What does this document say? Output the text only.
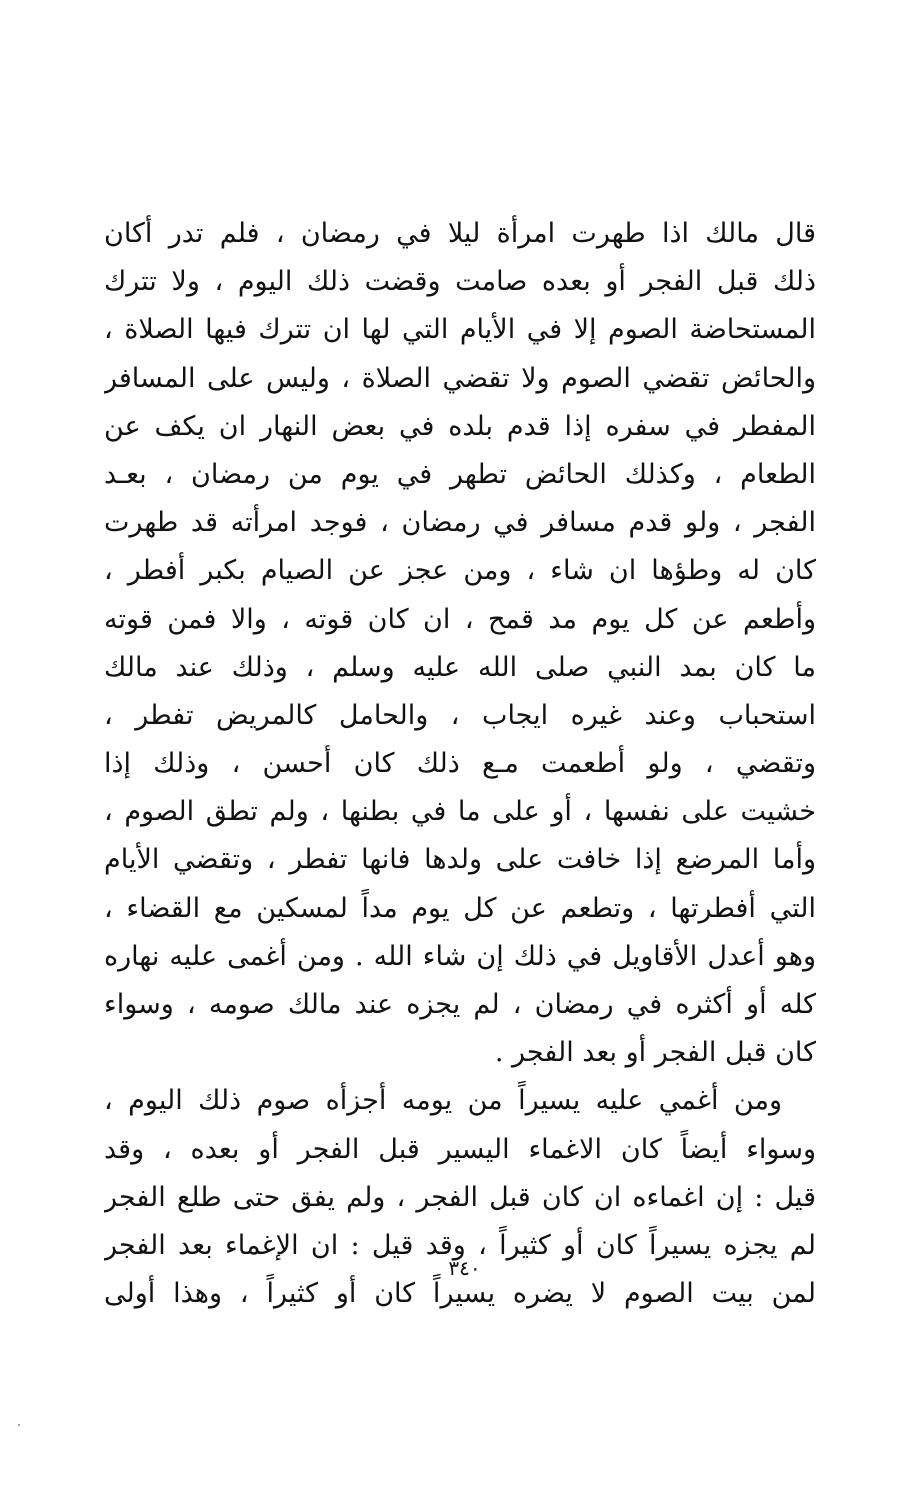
قال مالك اذا طهرت امرأة ليلا في رمضان ، فلم تدر أكان
ذلك قبل الفجر أو بعده صامت وقضت ذلك اليوم ، ولا تترك
المستحاضة الصوم إلا في الأيام التي لها ان تترك فيها الصلاة ،
والحائض تقضي الصوم ولا تقضي الصلاة ، وليس على المسافر
المفطر في سفره إذا قدم بلده في بعض النهار ان يكف عن
الطعام ، وكذلك الحائض تطهر في يوم من رمضان ، بعـد
الفجر ، ولو قدم مسافر في رمضان ، فوجد امرأته قد طهرت
كان له وطؤها ان شاء ، ومن عجز عن الصيام بكبر أفطر ،
وأطعم عن كل يوم مد قمح ، ان كان قوته ، والا فمن قوته
ما كان بمد النبي صلى الله عليه وسلم ، وذلك عند مالك
استحباب وعند غيره ايجاب ، والحامل كالمريض تفطر ،
وتقضي ، ولو أطعمت مـع ذلك كان أحسن ، وذلك إذا
خشيت على نفسها ، أو على ما في بطنها ، ولم تطق الصوم ،
وأما المرضع إذا خافت على ولدها فانها تفطر ، وتقضي الأيام
التي أفطرتها ، وتطعم عن كل يوم مداً لمسكين مع القضاء ،
وهو أعدل الأقاويل في ذلك إن شاء الله . ومن أغمى عليه نهاره
كله أو أكثره في رمضان ، لم يجزه عند مالك صومه ، وسواء
كان قبل الفجر أو بعد الفجر .
ومن أغمي عليه يسيراً من يومه أجزأه صوم ذلك اليوم ،
وسواء أيضاً كان الاغماء اليسير قبل الفجر أو بعده ، وقد
قيل : إن اغماءه ان كان قبل الفجر ، ولم يفق حتى طلع الفجر
لم يجزه يسيراً كان أو كثيراً ، وقد قيل : ان الإغماء بعد الفجر
لمن بيت الصوم لا يضره يسيراً كان أو كثيراً ، وهذا أولى
٣٤٠
